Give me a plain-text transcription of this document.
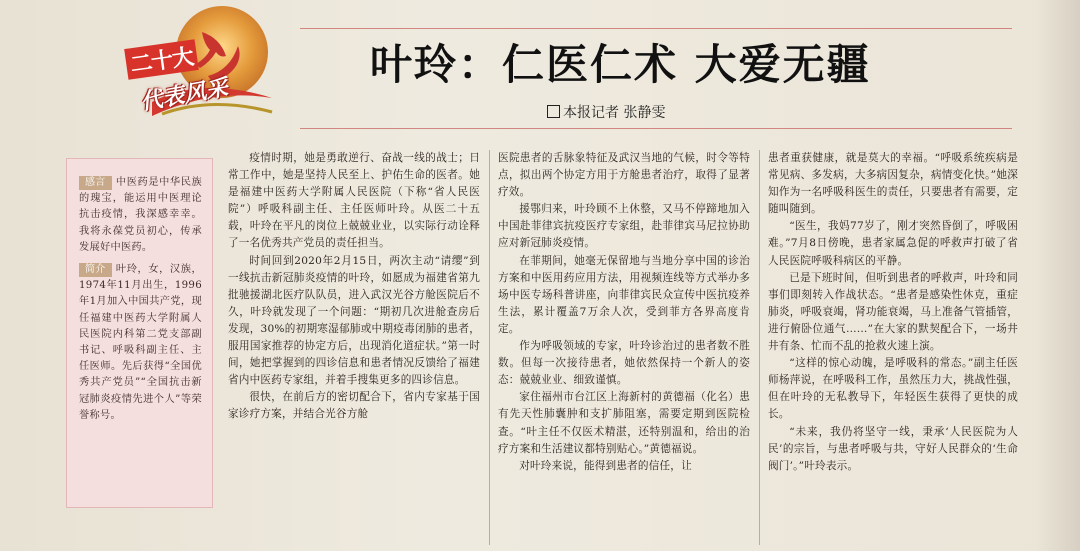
二十大
代表风采
叶玲：仁医仁术 大爱无疆
本报记者 张静雯

感言 中医药是中华民族的瑰宝，能运用中医理论抗击疫情，我深感幸幸。我将永葆党员初心，传承发展好中医药。

简介 叶玲，女，汉族，1974年11月出生，1996年1月加入中国共产党，现任福建中医药大学附属人民医院内科第二党支部副书记、呼吸科副主任、主任医师。先后获得“全国优秀共产党员”“全国抗击新冠肺炎疫情先进个人”等荣誉称号。

疫情时期，她是勇敢逆行、奋战一线的战士；日常工作中，她是坚持人民至上、护佑生命的医者。她是福建中医药大学附属人民医院（下称“省人民医院”）呼吸科副主任、主任医师叶玲。从医二十五载，叶玲在平凡的岗位上兢兢业业，以实际行动诠释了一名优秀共产党员的责任担当。

时间回到2020年2月15日，两次主动“请缨”到一线抗击新冠肺炎疫情的叶玲，如愿成为福建省第九批驰援湖北医疗队队员，进入武汉光谷方舱医院后不久，叶玲就发现了一个问题：“期初几次进舱查房后发现，30%的初期寒湿郁肺或中期疫毒闭肺的患者，服用国家推荐的协定方后，出现消化道症状。”第一时间，她把掌握到的四诊信息和患者情况反馈给了福建省内中医药专家组，并着手搜集更多的四诊信息。

很快，在前后方的密切配合下，省内专家基于国家诊疗方案，并结合光谷方舱

医院患者的舌脉象特征及武汉当地的气候，时令等特点，拟出两个协定方用于方舱患者治疗，取得了显著疗效。

援鄂归来，叶玲顾不上休整，又马不停蹄地加入中国赴菲律宾抗疫医疗专家组，赴菲律宾马尼拉协助应对新冠肺炎疫情。

在菲期间，她毫无保留地与当地分享中国的诊治方案和中医用药应用方法，用视频连线等方式举办多场中医专场科普讲座，向菲律宾民众宣传中医抗疫养生法，累计覆盖7万余人次，受到菲方各界高度肯定。

作为呼吸领域的专家，叶玲诊治过的患者数不胜数。但每一次接待患者，她依然保持一个新人的姿态：兢兢业业、细致谨慎。

家住福州市台江区上海新村的黄德福（化名）患有先天性肺囊肿和支扩肺阻塞，需要定期到医院检查。“叶主任不仅医术精湛，还特别温和，给出的治疗方案和生活建议都特别贴心。”黄德福说。

对叶玲来说，能得到患者的信任，让

患者重获健康，就是莫大的幸福。“呼吸系统疾病是常见病、多发病，大多病因复杂，病情变化快。”她深知作为一名呼吸科医生的责任，只要患者有需要，定随叫随到。

“医生，我妈77岁了，刚才突然昏倒了，呼吸困难。”7月8日傍晚，患者家属急促的呼救声打破了省人民医院呼吸科病区的平静。

已是下班时间，但听到患者的呼救声，叶玲和同事们即刻转入作战状态。“患者是感染性休克，重症肺炎，呼吸衰竭，肾功能衰竭，马上准备气管插管，进行俯卧位通气……”在大家的默契配合下，一场井井有条、忙而不乱的抢救火速上演。

“这样的惊心动魄，是呼吸科的常态。”副主任医师杨萍说，在呼吸科工作，虽然压力大，挑战性强，但在叶玲的无私教导下，年轻医生获得了更快的成长。

“未来，我仍将坚守一线，秉承‘人民医院为人民’的宗旨，与患者呼吸与共，守好人民群众的‘生命阀门’。”叶玲表示。
